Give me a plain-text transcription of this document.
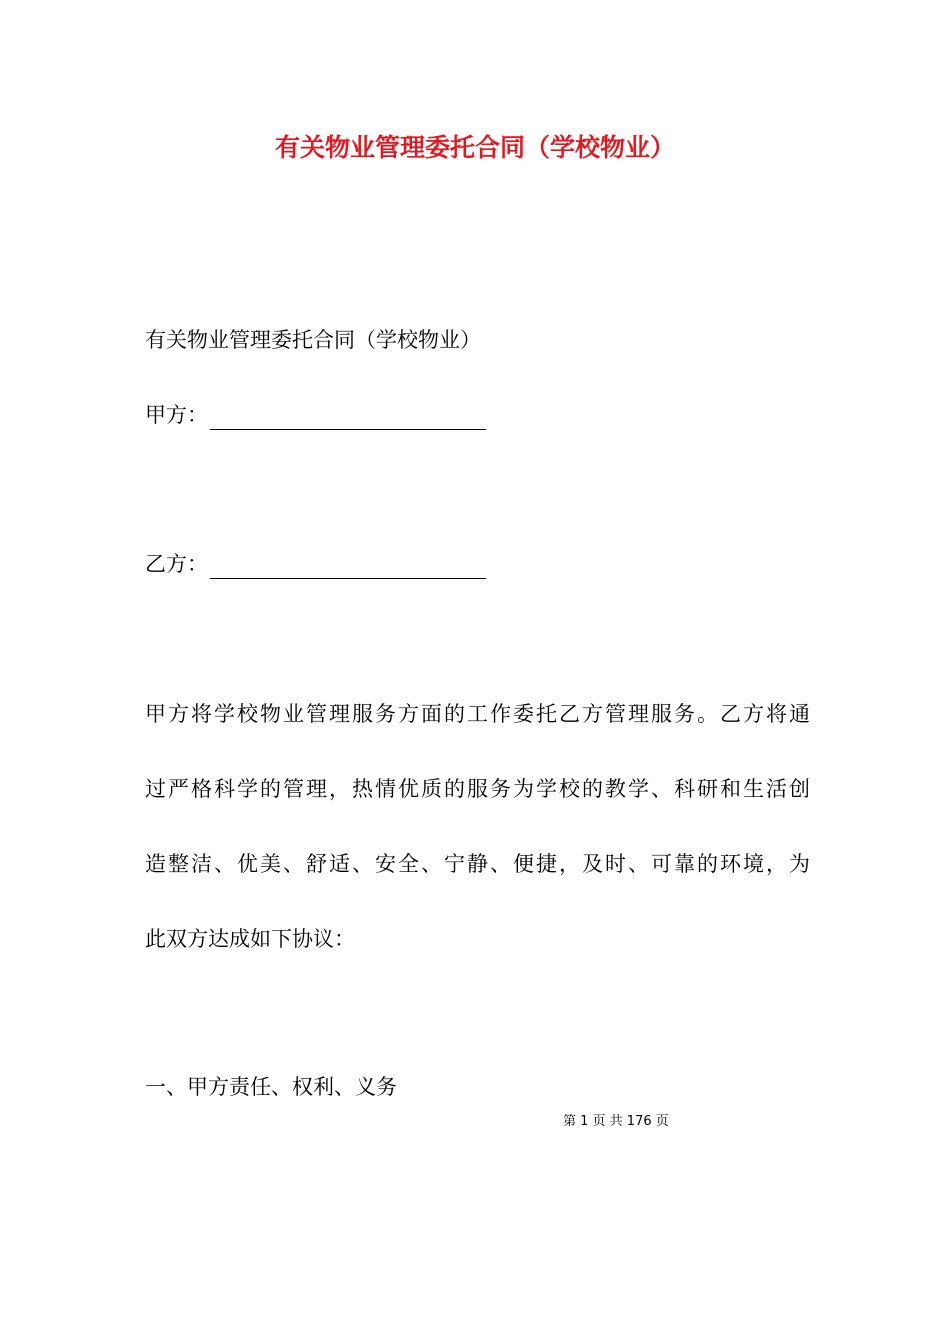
有关物业管理委托合同（学校物业）
有关物业管理委托合同（学校物业）
甲方：
乙方：
甲方将学校物业管理服务方面的工作委托乙方管理服务。乙方将通
过严格科学的管理，热情优质的服务为学校的教学、科研和生活创
造整洁、优美、舒适、安全、宁静、便捷，及时、可靠的环境，为
此双方达成如下协议：
一、甲方责任、权利、义务
第 1 页 共 176 页
